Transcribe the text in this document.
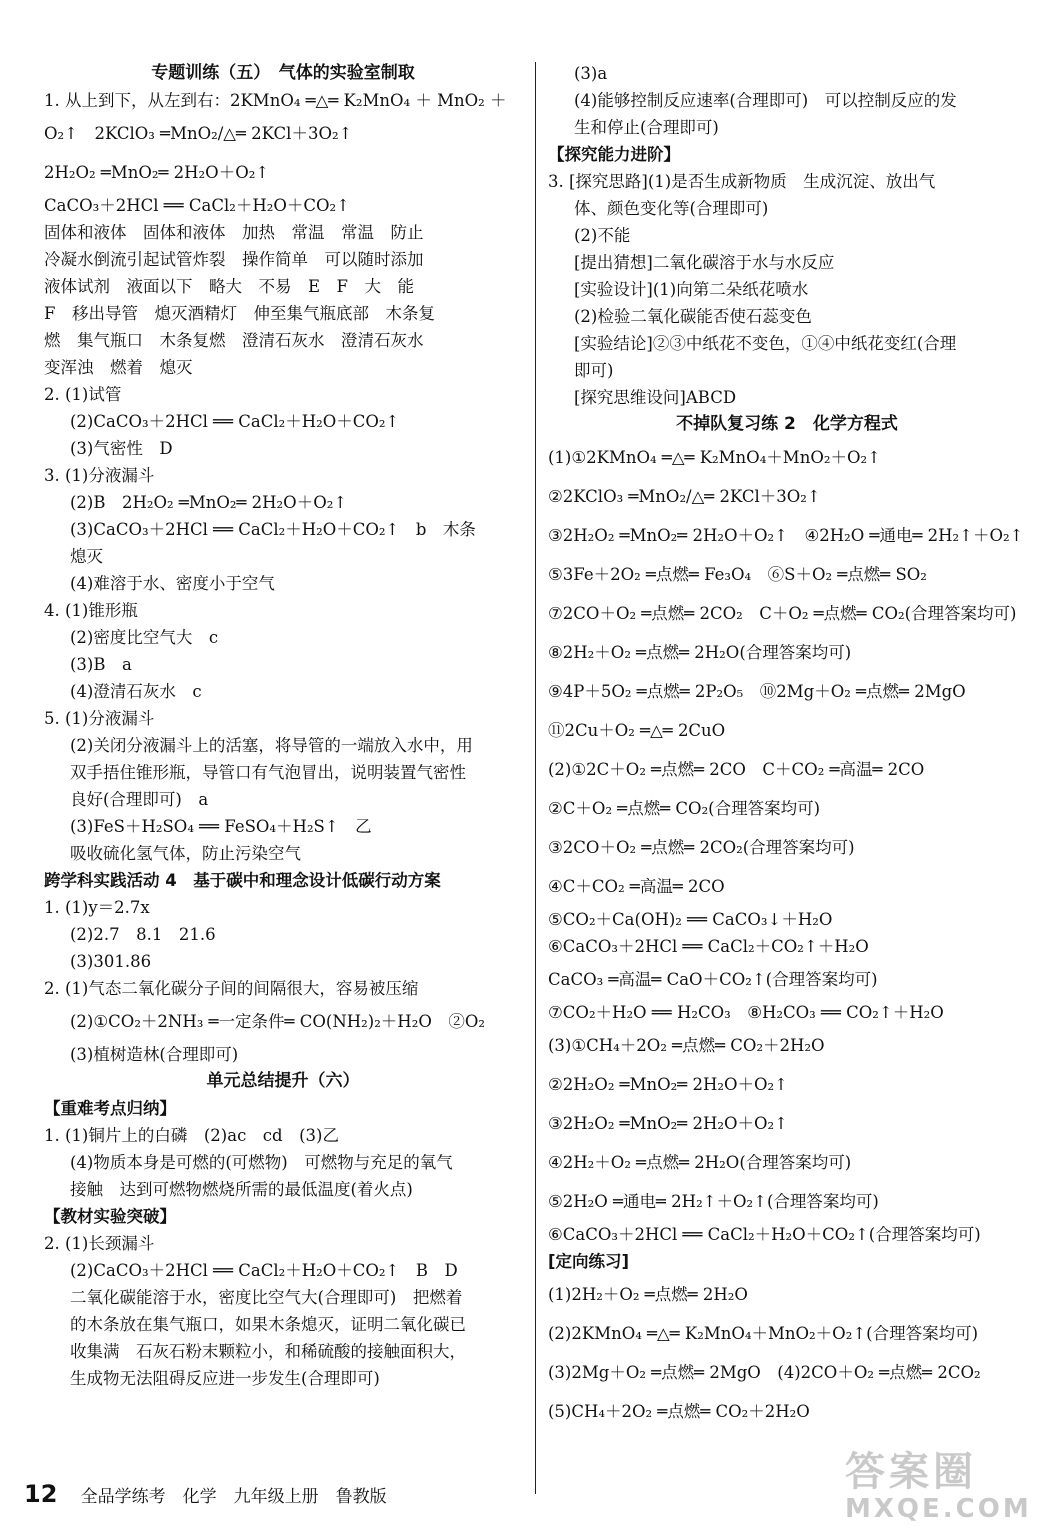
专题训练（五）　气体的实验室制取
1. 从上到下，从左到右：2KMnO₄ ═△═ K₂MnO₄ ＋ MnO₂ ＋
O₂↑　2KClO₃ ═MnO₂/△═ 2KCl＋3O₂↑
2H₂O₂ ═MnO₂═ 2H₂O＋O₂↑
CaCO₃＋2HCl ══ CaCl₂＋H₂O＋CO₂↑
固体和液体　固体和液体　加热　常温　常温　防止
冷凝水倒流引起试管炸裂　操作简单　可以随时添加
液体试剂　液面以下　略大　不易　E　F　大　能
F　移出导管　熄灭酒精灯　伸至集气瓶底部　木条复
燃　集气瓶口　木条复燃　澄清石灰水　澄清石灰水
变浑浊　燃着　熄灭
2. (1)试管
(2)CaCO₃＋2HCl ══ CaCl₂＋H₂O＋CO₂↑
(3)气密性　D
3. (1)分液漏斗
(2)B　2H₂O₂ ═MnO₂═ 2H₂O＋O₂↑
(3)CaCO₃＋2HCl ══ CaCl₂＋H₂O＋CO₂↑　b　木条
熄灭
(4)难溶于水、密度小于空气
4. (1)锥形瓶
(2)密度比空气大　c
(3)B　a
(4)澄清石灰水　c
5. (1)分液漏斗
(2)关闭分液漏斗上的活塞，将导管的一端放入水中，用
双手捂住锥形瓶，导管口有气泡冒出，说明装置气密性
良好(合理即可)　a
(3)FeS＋H₂SO₄ ══ FeSO₄＋H₂S↑　乙
吸收硫化氢气体，防止污染空气
跨学科实践活动 4　基于碳中和理念设计低碳行动方案
1. (1)y＝2.7x
(2)2.7　8.1　21.6
(3)301.86
2. (1)气态二氧化碳分子间的间隔很大，容易被压缩
(2)①CO₂＋2NH₃ ═一定条件═ CO(NH₂)₂＋H₂O　②O₂
(3)植树造林(合理即可)
单元总结提升（六）
【重难考点归纳】
1. (1)铜片上的白磷　(2)ac　cd　(3)乙
(4)物质本身是可燃的(可燃物)　可燃物与充足的氧气
接触　达到可燃物燃烧所需的最低温度(着火点)
【教材实验突破】
2. (1)长颈漏斗
(2)CaCO₃＋2HCl ══ CaCl₂＋H₂O＋CO₂↑　B　D
二氧化碳能溶于水，密度比空气大(合理即可)　把燃着
的木条放在集气瓶口，如果木条熄灭，证明二氧化碳已
收集满　石灰石粉末颗粒小，和稀硫酸的接触面积大，
生成物无法阻碍反应进一步发生(合理即可)
(3)a
(4)能够控制反应速率(合理即可)　可以控制反应的发
生和停止(合理即可)
【探究能力进阶】
3. [探究思路](1)是否生成新物质　生成沉淀、放出气
体、颜色变化等(合理即可)
(2)不能
[提出猜想]二氧化碳溶于水与水反应
[实验设计](1)向第二朵纸花喷水
(2)检验二氧化碳能否使石蕊变色
[实验结论]②③中纸花不变色，①④中纸花变红(合理
即可)
[探究思维设问]ABCD
不掉队复习练 2　化学方程式
(1)①2KMnO₄ ═△═ K₂MnO₄＋MnO₂＋O₂↑
②2KClO₃ ═MnO₂/△═ 2KCl＋3O₂↑
③2H₂O₂ ═MnO₂═ 2H₂O＋O₂↑　④2H₂O ═通电═ 2H₂↑＋O₂↑
⑤3Fe＋2O₂ ═点燃═ Fe₃O₄　⑥S＋O₂ ═点燃═ SO₂
⑦2CO＋O₂ ═点燃═ 2CO₂　C＋O₂ ═点燃═ CO₂(合理答案均可)
⑧2H₂＋O₂ ═点燃═ 2H₂O(合理答案均可)
⑨4P＋5O₂ ═点燃═ 2P₂O₅　⑩2Mg＋O₂ ═点燃═ 2MgO
⑪2Cu＋O₂ ═△═ 2CuO
(2)①2C＋O₂ ═点燃═ 2CO　C＋CO₂ ═高温═ 2CO
②C＋O₂ ═点燃═ CO₂(合理答案均可)
③2CO＋O₂ ═点燃═ 2CO₂(合理答案均可)
④C＋CO₂ ═高温═ 2CO
⑤CO₂＋Ca(OH)₂ ══ CaCO₃↓＋H₂O
⑥CaCO₃＋2HCl ══ CaCl₂＋CO₂↑＋H₂O
CaCO₃ ═高温═ CaO＋CO₂↑(合理答案均可)
⑦CO₂＋H₂O ══ H₂CO₃　⑧H₂CO₃ ══ CO₂↑＋H₂O
(3)①CH₄＋2O₂ ═点燃═ CO₂＋2H₂O
②2H₂O₂ ═MnO₂═ 2H₂O＋O₂↑
③2H₂O₂ ═MnO₂═ 2H₂O＋O₂↑
④2H₂＋O₂ ═点燃═ 2H₂O(合理答案均可)
⑤2H₂O ═通电═ 2H₂↑＋O₂↑(合理答案均可)
⑥CaCO₃＋2HCl ══ CaCl₂＋H₂O＋CO₂↑(合理答案均可)
[定向练习]
(1)2H₂＋O₂ ═点燃═ 2H₂O
(2)2KMnO₄ ═△═ K₂MnO₄＋MnO₂＋O₂↑(合理答案均可)
(3)2Mg＋O₂ ═点燃═ 2MgO　(4)2CO＋O₂ ═点燃═ 2CO₂
(5)CH₄＋2O₂ ═点燃═ CO₂＋2H₂O
12 全品学练考　化学　九年级上册　鲁教版
答案圈
MXQE.COM
